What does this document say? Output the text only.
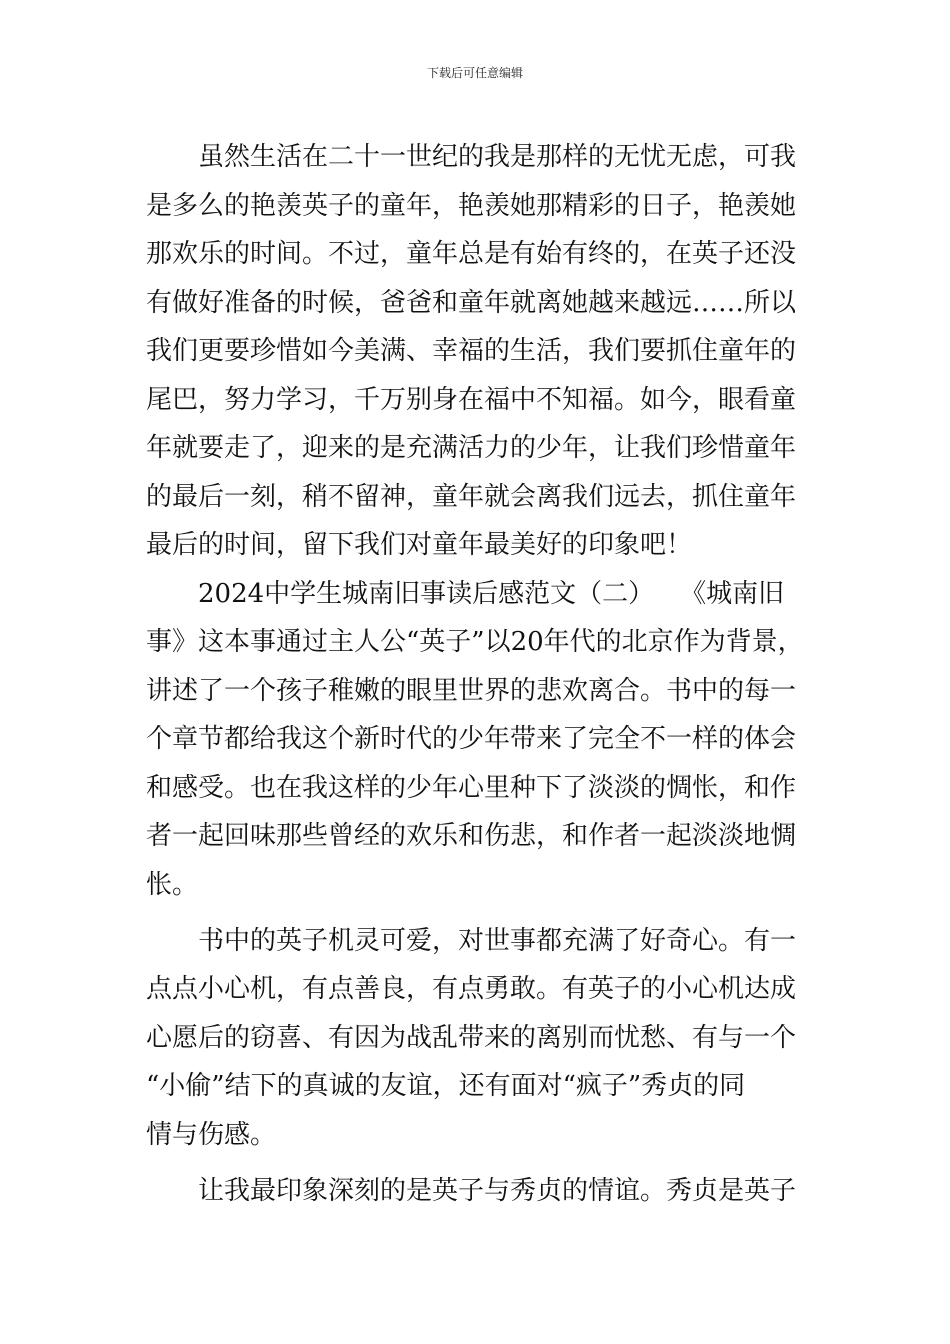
下载后可任意编辑
虽然生活在二十一世纪的我是那样的无忧无虑，可我
是多么的艳羡英子的童年，艳羡她那精彩的日子，艳羡她
那欢乐的时间。不过，童年总是有始有终的，在英子还没
有做好准备的时候，爸爸和童年就离她越来越远……所以
我们更要珍惜如今美满、幸福的生活，我们要抓住童年的
尾巴，努力学习，千万别身在福中不知福。如今，眼看童
年就要走了，迎来的是充满活力的少年，让我们珍惜童年
的最后一刻，稍不留神，童年就会离我们远去，抓住童年
最后的时间，留下我们对童年最美好的印象吧！
2024中学生城南旧事读后感范文（二）　　《城南旧
事》这本事通过主人公“英子”以20年代的北京作为背景，
讲述了一个孩子稚嫩的眼里世界的悲欢离合。书中的每一
个章节都给我这个新时代的少年带来了完全不一样的体会
和感受。也在我这样的少年心里种下了淡淡的惆怅，和作
者一起回味那些曾经的欢乐和伤悲，和作者一起淡淡地惆
怅。
书中的英子机灵可爱，对世事都充满了好奇心。有一
点点小心机，有点善良，有点勇敢。有英子的小心机达成
心愿后的窃喜、有因为战乱带来的离别而忧愁、有与一个
“小偷”结下的真诚的友谊，还有面对“疯子”秀贞的同
情与伤感。
让我最印象深刻的是英子与秀贞的情谊。秀贞是英子
